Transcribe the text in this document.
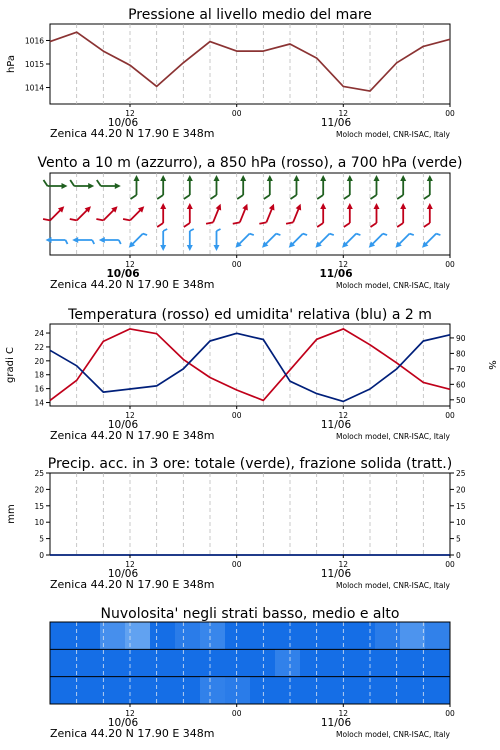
Pressione al livello medio del mare
1014
1015
1016
hPa
12	00	12	00
10/06	11/06
Zenica 44.20 N 17.90 E 348m	Moloch model, CNR-ISAC, Italy
Vento a 10 m (azzurro), a 850 hPa (rosso), a 700 hPa (verde)
12	00	12	00
10/06	11/06
Zenica 44.20 N 17.90 E 348m	Moloch model, CNR-ISAC, Italy
Temperatura (rosso) ed umidita' relativa (blu) a 2 m
14
16
18
20
22
24
50
60
70
80
90
gradi C	%
12	00	12	00
10/06	11/06
Zenica 44.20 N 17.90 E 348m	Moloch model, CNR-ISAC, Italy
Precip. acc. in 3 ore: totale (verde), frazione solida (tratt.)
0
5
10
15
20
25
0
5
10
15
20
25
mm
12	00	12	00
10/06	11/06
Zenica 44.20 N 17.90 E 348m	Moloch model, CNR-ISAC, Italy
Nuvolosita' negli strati basso, medio e alto
12	00	12	00
10/06	11/06
Zenica 44.20 N 17.90 E 348m	Moloch model, CNR-ISAC, Italy
